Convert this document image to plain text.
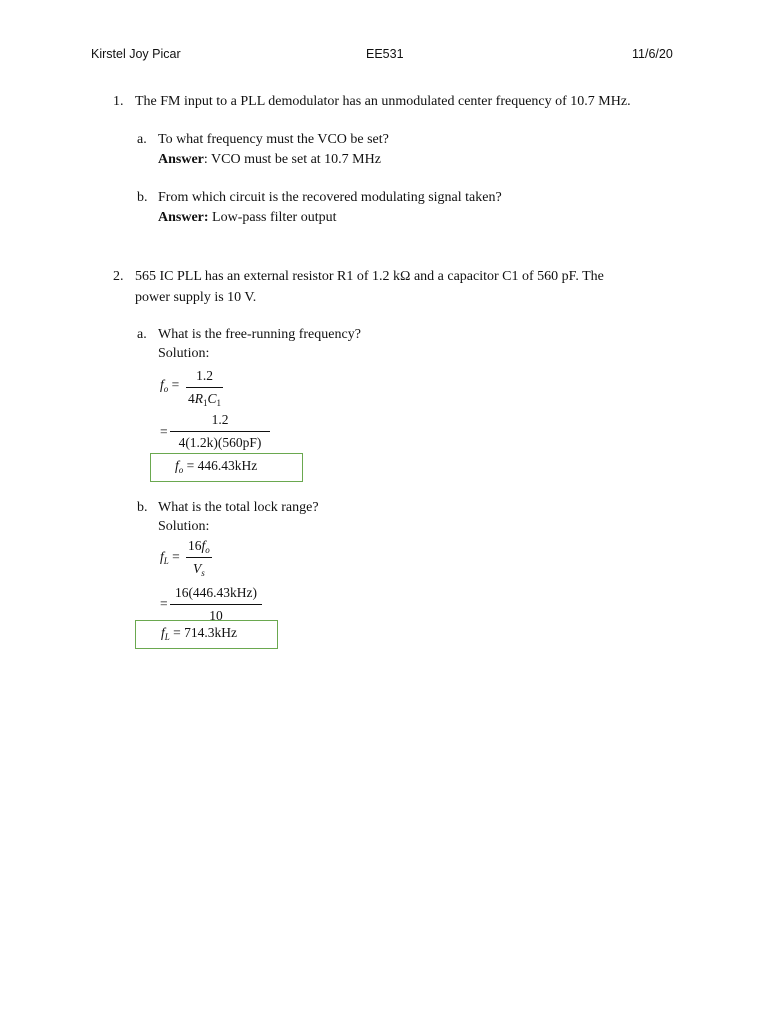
Kirstel Joy Picar	EE531	11/6/20
1. The FM input to a PLL demodulator has an unmodulated center frequency of 10.7 MHz.
a. To what frequency must the VCO be set?
Answer: VCO must be set at 10.7 MHz
b. From which circuit is the recovered modulating signal taken?
Answer: Low-pass filter output
2. 565 IC PLL has an external resistor R1 of 1.2 kΩ and a capacitor C1 of 560 pF. The
power supply is 10 V.
a. What is the free-running frequency?
Solution:
$f_o$ =
1.2
$4R_1C_1$
=
1.2
4(1.2k)(560pF)
$f_o = 446.43kHz$
b. What is the total lock range?
Solution:
$f_L$ =
$16f_o$
$V_s$
=
16(446.43kHz)
10
$f_L = 714.3kHz$
